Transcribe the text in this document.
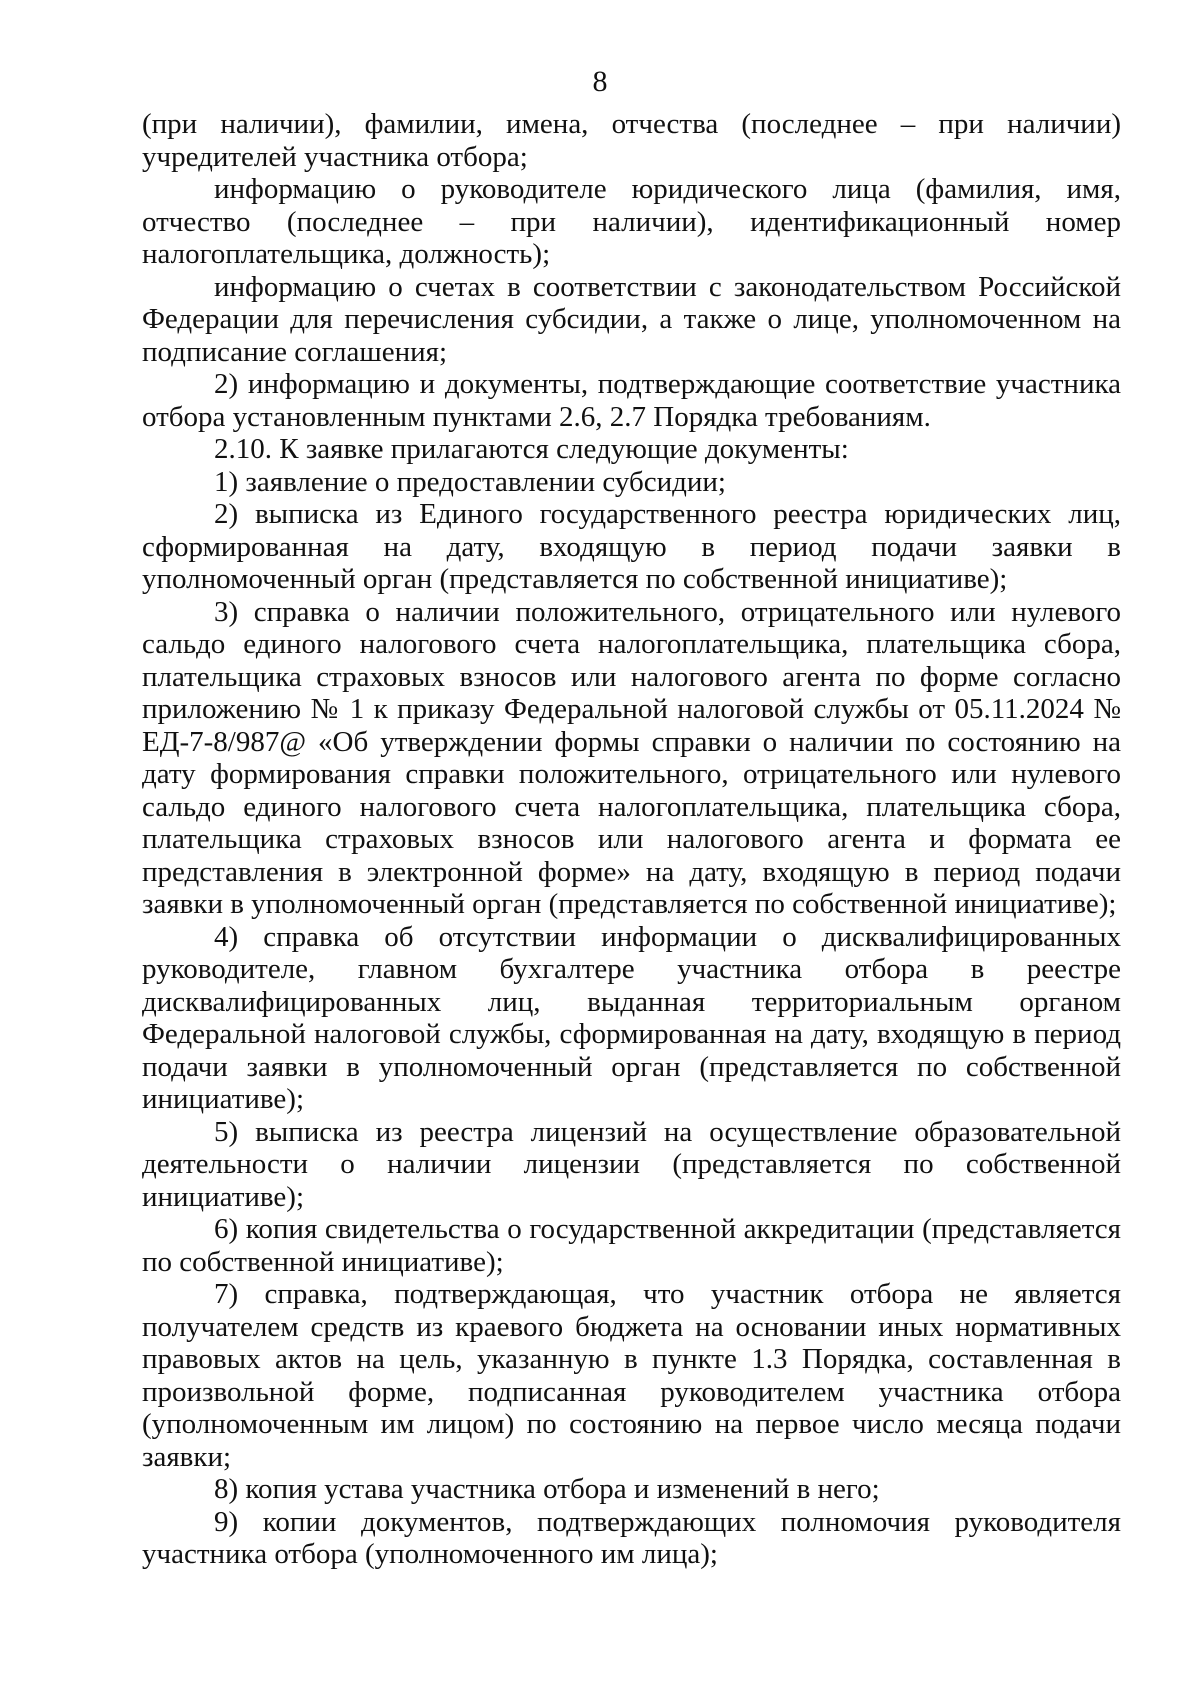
8

(при наличии), фамилии, имена, отчества (последнее – при наличии) учредителей участника отбора;

информацию о руководителе юридического лица (фамилия, имя, отчество (последнее – при наличии), идентификационный номер налогоплательщика, должность);

информацию о счетах в соответствии с законодательством Российской Федерации для перечисления субсидии, а также о лице, уполномоченном на подписание соглашения;

2) информацию и документы, подтверждающие соответствие участника отбора установленным пунктами 2.6, 2.7 Порядка требованиям.

2.10. К заявке прилагаются следующие документы:

1) заявление о предоставлении субсидии;

2) выписка из Единого государственного реестра юридических лиц, сформированная на дату, входящую в период подачи заявки в уполномоченный орган (представляется по собственной инициативе);

3) справка о наличии положительного, отрицательного или нулевого сальдо единого налогового счета налогоплательщика, плательщика сбора, плательщика страховых взносов или налогового агента по форме согласно приложению № 1 к приказу Федеральной налоговой службы от 05.11.2024 № ЕД-7-8/987@ «Об утверждении формы справки о наличии по состоянию на дату формирования справки положительного, отрицательного или нулевого сальдо единого налогового счета налогоплательщика, плательщика сбора, плательщика страховых взносов или налогового агента и формата ее представления в электронной форме» на дату, входящую в период подачи заявки в уполномоченный орган (представляется по собственной инициативе);

4) справка об отсутствии информации о дисквалифицированных руководителе, главном бухгалтере участника отбора в реестре дисквалифицированных лиц, выданная территориальным органом Федеральной налоговой службы, сформированная на дату, входящую в период подачи заявки в уполномоченный орган (представляется по собственной инициативе);

5) выписка из реестра лицензий на осуществление образовательной деятельности о наличии лицензии (представляется по собственной инициативе);

6) копия свидетельства о государственной аккредитации (представляется по собственной инициативе);

7) справка, подтверждающая, что участник отбора не является получателем средств из краевого бюджета на основании иных нормативных правовых актов на цель, указанную в пункте 1.3 Порядка, составленная в произвольной форме, подписанная руководителем участника отбора (уполномоченным им лицом) по состоянию на первое число месяца подачи заявки;

8) копия устава участника отбора и изменений в него;

9) копии документов, подтверждающих полномочия руководителя участника отбора (уполномоченного им лица);
